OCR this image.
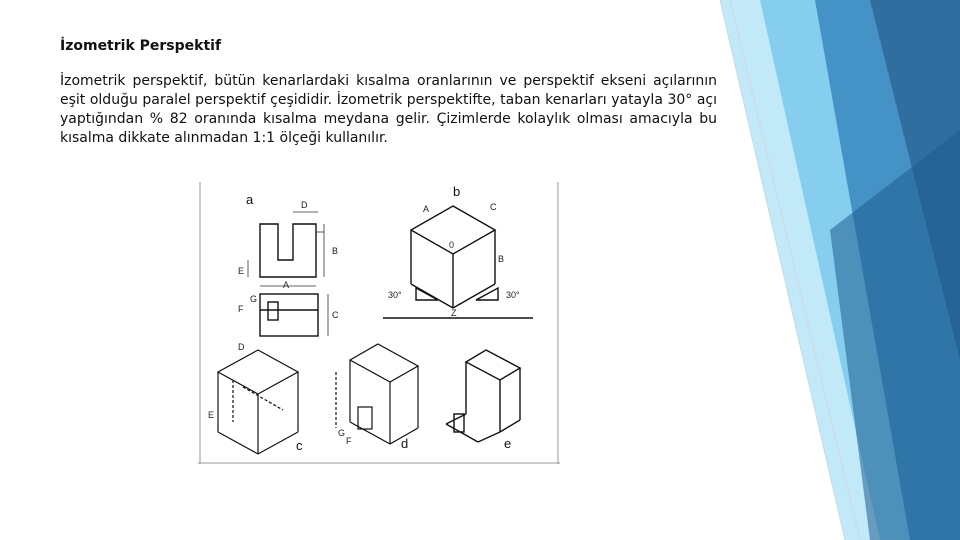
İzometrik Perspektif
İzometrik perspektif, bütün kenarlardaki kısalma oranlarının ve perspektif ekseni açılarının eşit olduğu paralel perspektif çeşididir. İzometrik perspektifte, taban kenarları yatayla 30° açı yaptığından % 82 oranında kısalma meydana gelir. Çizimlerde kolaylık olması amacıyla bu kısalma dikkate alınmadan 1:1 ölçeği kullanılır.
a	D
A
B
C
E
F
G
b
A	C
B
0
Z
30°	30°
c
D
E
d
G
F	e
